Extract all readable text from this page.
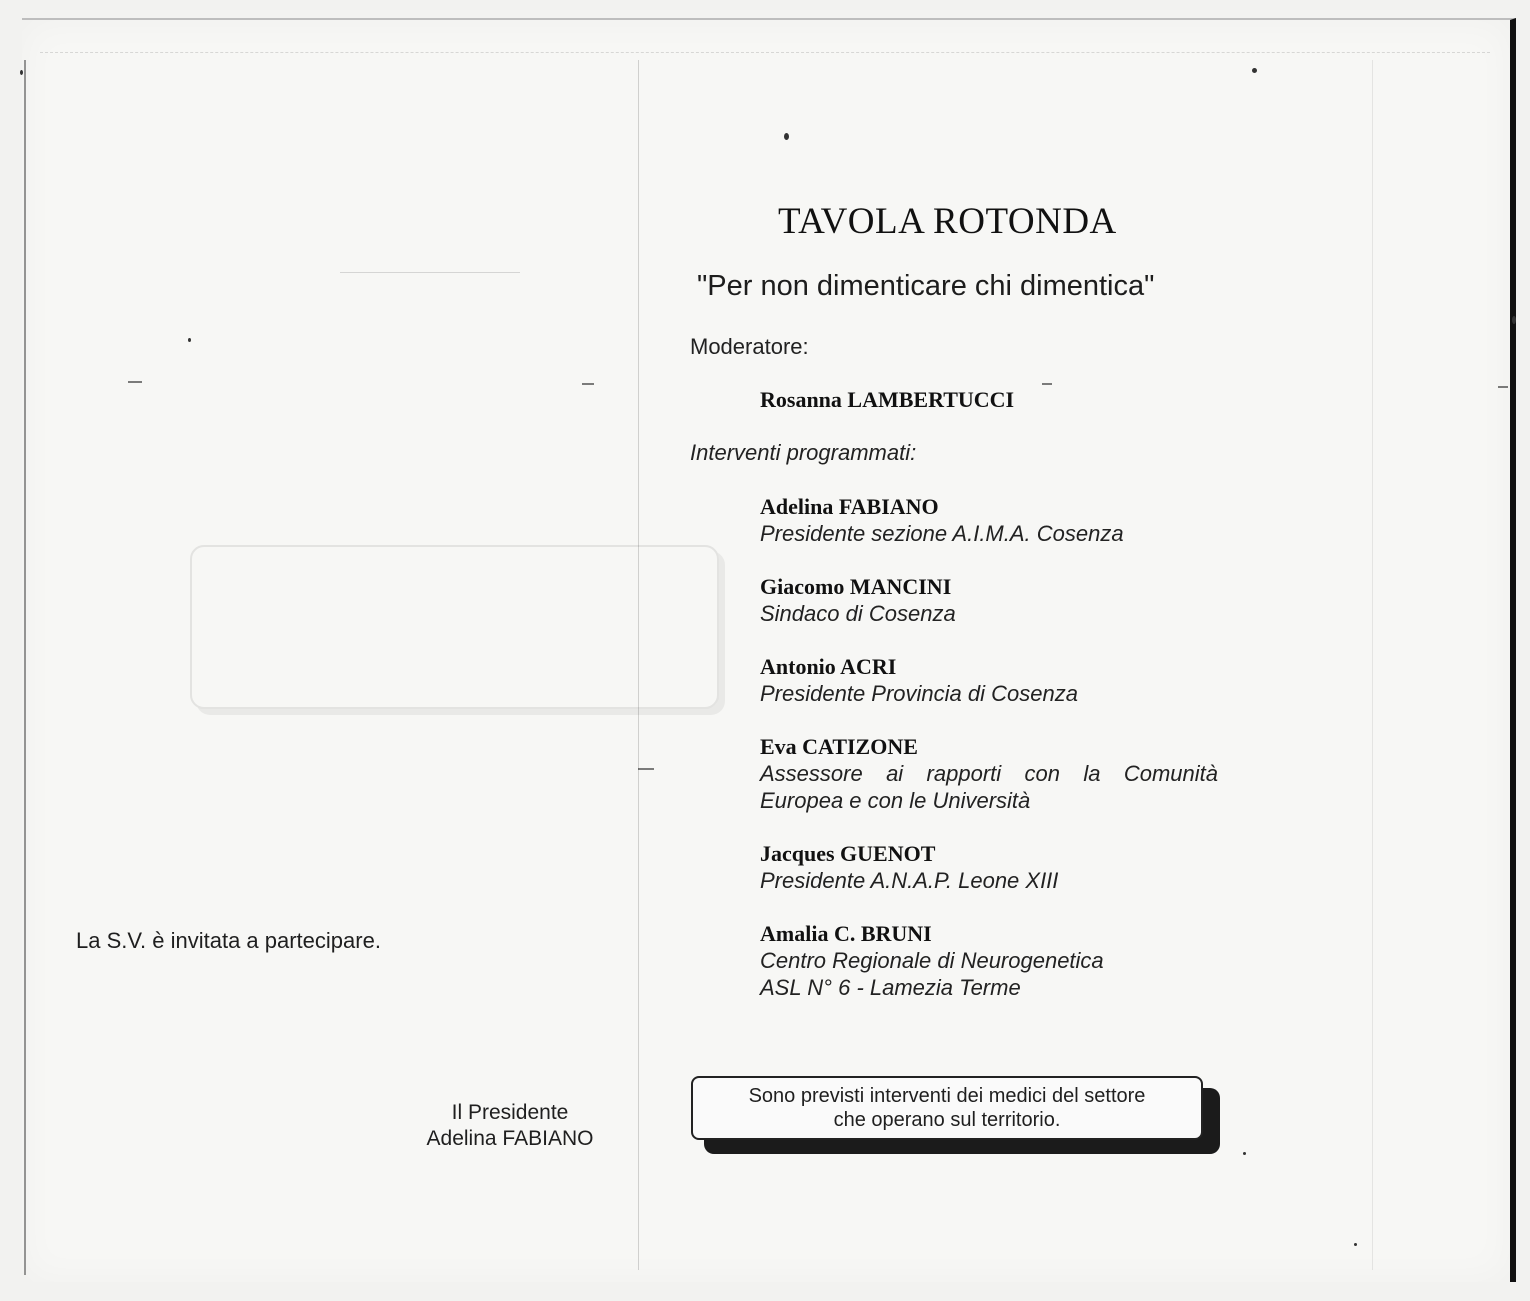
TAVOLA ROTONDA
"Per non dimenticare chi dimentica"
Moderatore:
Rosanna LAMBERTUCCI
Interventi programmati:
Adelina FABIANO
Presidente sezione A.I.M.A. Cosenza
Giacomo MANCINI
Sindaco di Cosenza
Antonio ACRI
Presidente Provincia di Cosenza
Eva CATIZONE
Assessore ai rapporti con la Comunità Europea e con le Università
Jacques GUENOT
Presidente A.N.A.P. Leone XIII
Amalia C. BRUNI
Centro Regionale di Neurogenetica
ASL N° 6 - Lamezia Terme
La S.V. è invitata a partecipare.
Il Presidente
Adelina FABIANO
Sono previsti interventi dei medici del settore
che operano sul territorio.
